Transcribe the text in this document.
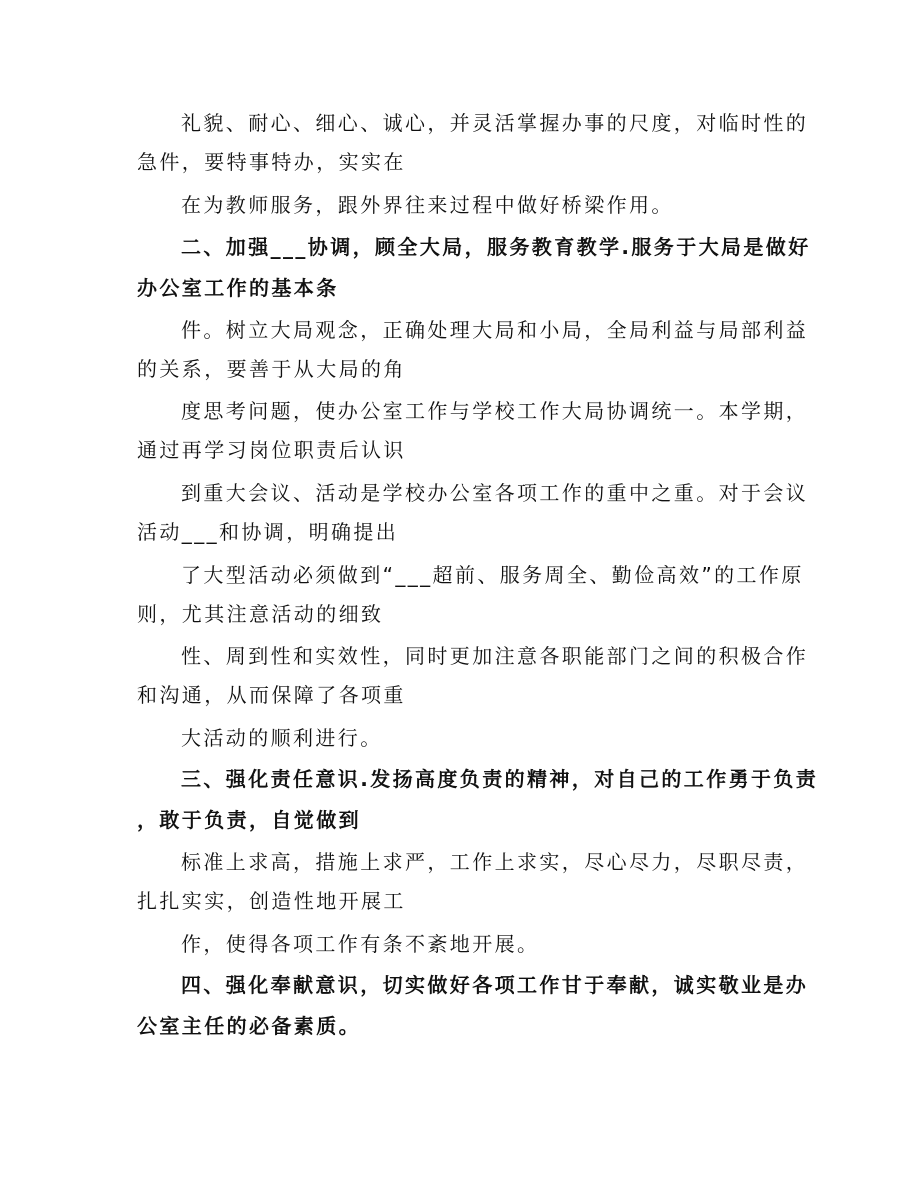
礼貌、耐心、细心、诚心，并灵活掌握办事的尺度，对临时性的
急件，要特事特办，实实在
在为教师服务，跟外界往来过程中做好桥梁作用。
二、加强___协调，顾全大局，服务教育教学.服务于大局是做好
办公室工作的基本条
件。树立大局观念，正确处理大局和小局，全局利益与局部利益
的关系，要善于从大局的角
度思考问题，使办公室工作与学校工作大局协调统一。本学期，
通过再学习岗位职责后认识
到重大会议、活动是学校办公室各项工作的重中之重。对于会议
活动___和协调，明确提出
了大型活动必须做到“___超前、服务周全、勤俭高效”的工作原
则，尤其注意活动的细致
性、周到性和实效性，同时更加注意各职能部门之间的积极合作
和沟通，从而保障了各项重
大活动的顺利进行。
三、强化责任意识.发扬高度负责的精神，对自己的工作勇于负责
，敢于负责，自觉做到
标准上求高，措施上求严，工作上求实，尽心尽力，尽职尽责，
扎扎实实，创造性地开展工
作，使得各项工作有条不紊地开展。
四、强化奉献意识，切实做好各项工作甘于奉献，诚实敬业是办
公室主任的必备素质。
